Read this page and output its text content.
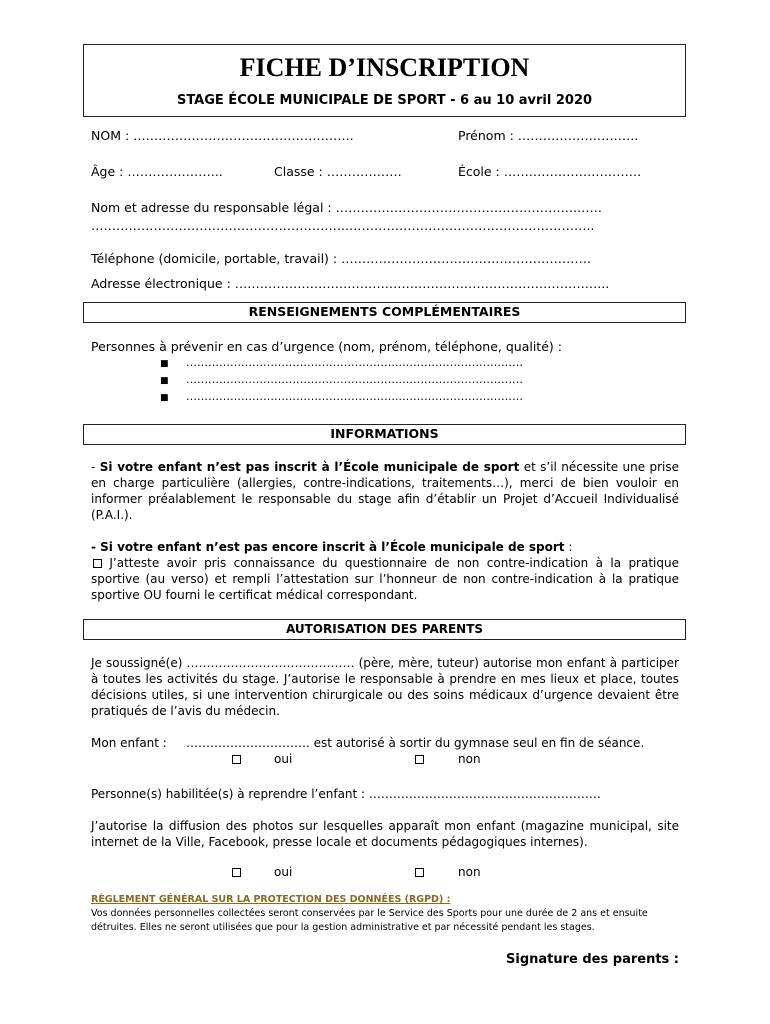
FICHE D’INSCRIPTION
STAGE ÉCOLE MUNICIPALE DE SPORT - 6 au 10 avril 2020
NOM : ……………………………………………..	Prénom : ………………………..
Âge : …………………..	Classe : ………………	École : ……………………………
Nom et adresse du responsable légal : ………………………………………………….……
……………………………………………………..…………………………………………………..
Téléphone (domicile, portable, travail) : ……………………………………………………
Adresse électronique : ……………………………………………………………………………...
RENSEIGNEMENTS COMPLÉMENTAIRES
Personnes à prévenir en cas d’urgence (nom, prénom, téléphone, qualité) :
■ …………………………………………………..……………………………
■ …………………………………………………..……………………………
■ …………………………………………………..……………………………
INFORMATIONS
- Si votre enfant n’est pas inscrit à l’École municipale de sport et s’il nécessite une prise en charge particulière (allergies, contre-indications, traitements…), merci de bien vouloir en informer préalablement le responsable du stage afin d’établir un Projet d’Accueil Individualisé (P.A.I.).
- Si votre enfant n’est pas encore inscrit à l’École municipale de sport :
J’atteste avoir pris connaissance du questionnaire de non contre-indication à la pratique sportive (au verso) et rempli l’attestation sur l’honneur de non contre-indication à la pratique sportive OU fourni le certificat médical correspondant.
AUTORISATION DES PARENTS
Je soussigné(e) …………………………………… (père, mère, tuteur) autorise mon enfant à participer à toutes les activités du stage. J’autorise le responsable à prendre en mes lieux et place, toutes décisions utiles, si une intervention chirurgicale ou des soins médicaux d’urgence devaient être pratiqués de l’avis du médecin.
Mon enfant : …………………………. est autorisé à sortir du gymnase seul en fin de séance.
oui	non
Personne(s) habilitée(s) à reprendre l’enfant : ………………………………………………….
J’autorise la diffusion des photos sur lesquelles apparaît mon enfant (magazine municipal, site internet de la Ville, Facebook, presse locale et documents pédagogiques internes).
oui	non
RÈGLEMENT GÉNÉRAL SUR LA PROTECTION DES DONNÉES (RGPD) :
Vos données personnelles collectées seront conservées par le Service des Sports pour une durée de 2 ans et ensuite détruites. Elles ne seront utilisées que pour la gestion administrative et par nécessité pendant les stages.
Signature des parents :
